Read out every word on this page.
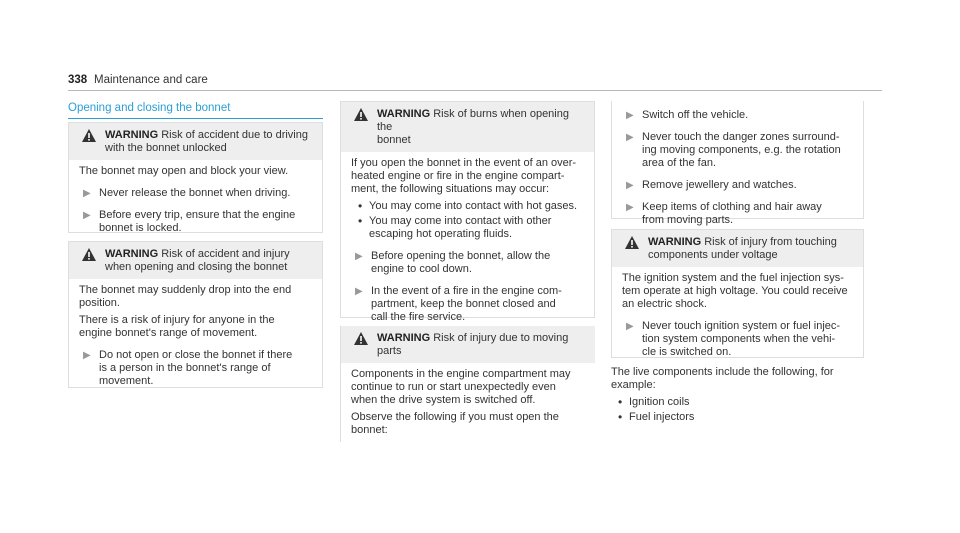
338 Maintenance and care
Opening and closing the bonnet
WARNING Risk of accident due to driving
with the bonnet unlocked

The bonnet may open and block your view.

▶ Never release the bonnet when driving.
▶ Before every trip, ensure that the engine
bonnet is locked.
WARNING Risk of accident and injury
when opening and closing the bonnet

The bonnet may suddenly drop into the end
position.

There is a risk of injury for anyone in the
engine bonnet's range of movement.

▶ Do not open or close the bonnet if there
is a person in the bonnet's range of
movement.
WARNING Risk of burns when opening the
bonnet

If you open the bonnet in the event of an over-
heated engine or fire in the engine compart-
ment, the following situations may occur:

• You may come into contact with hot gases.
• You may come into contact with other
escaping hot operating fluids.
▶ Before opening the bonnet, allow the
engine to cool down.
▶ In the event of a fire in the engine com-
partment, keep the bonnet closed and
call the fire service.
WARNING Risk of injury due to moving
parts

Components in the engine compartment may
continue to run or start unexpectedly even
when the drive system is switched off.

Observe the following if you must open the
bonnet:

▶ Switch off the vehicle.
▶ Never touch the danger zones surround-
ing moving components, e.g. the rotation
area of the fan.
▶ Remove jewellery and watches.
▶ Keep items of clothing and hair away
from moving parts.
WARNING Risk of injury from touching
components under voltage

The ignition system and the fuel injection sys-
tem operate at high voltage. You could receive
an electric shock.

▶ Never touch ignition system or fuel injec-
tion system components when the vehi-
cle is switched on.

The live components include the following, for
example:

• Ignition coils
• Fuel injectors
